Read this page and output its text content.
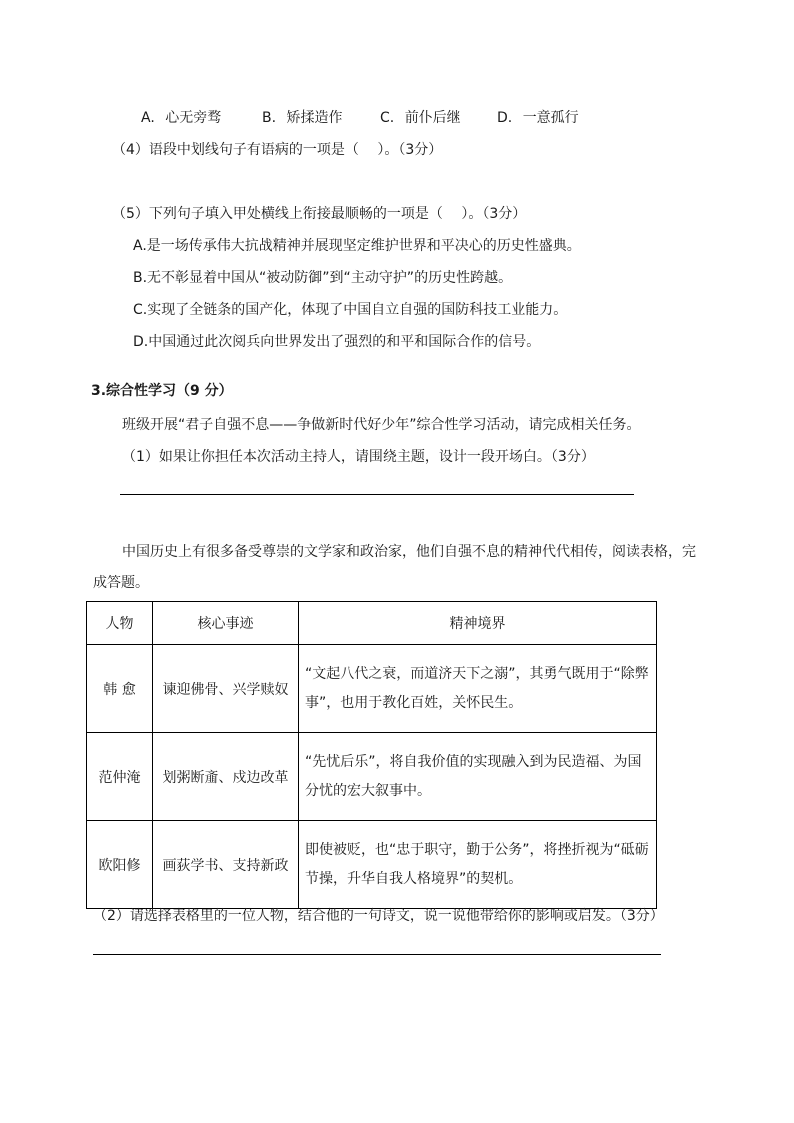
A. 心无旁骛	B. 矫揉造作	C. 前仆后继	D. 一意孤行
（4）语段中划线句子有语病的一项是（　 ）。（3分）
（5）下列句子填入甲处横线上衔接最顺畅的一项是（　 ）。（3分）
A.是一场传承伟大抗战精神并展现坚定维护世界和平决心的历史性盛典。
B.无不彰显着中国从“被动防御”到“主动守护”的历史性跨越。
C.实现了全链条的国产化，体现了中国自立自强的国防科技工业能力。
D.中国通过此次阅兵向世界发出了强烈的和平和国际合作的信号。
3.综合性学习（9 分）
班级开展“君子自强不息——争做新时代好少年”综合性学习活动，请完成相关任务。
（1）如果让你担任本次活动主持人，请围绕主题，设计一段开场白。（3分）
中国历史上有很多备受尊崇的文学家和政治家，他们自强不息的精神代代相传，阅读表格，完
成答题。
人物	核心事迹	精神境界
韩 愈	谏迎佛骨、兴学赎奴	“文起八代之衰，而道济天下之溺”，其勇气既用于“除弊事”，也用于教化百姓，关怀民生。
范仲淹	划粥断齑、戍边改革	“先忧后乐”，将自我价值的实现融入到为民造福、为国分忧的宏大叙事中。
欧阳修	画荻学书、支持新政	即使被贬，也“忠于职守，勤于公务”，将挫折视为“砥砺节操，升华自我人格境界”的契机。
（2）请选择表格里的一位人物，结合他的一句诗文，说一说他带给你的影响或启发。（3分）
